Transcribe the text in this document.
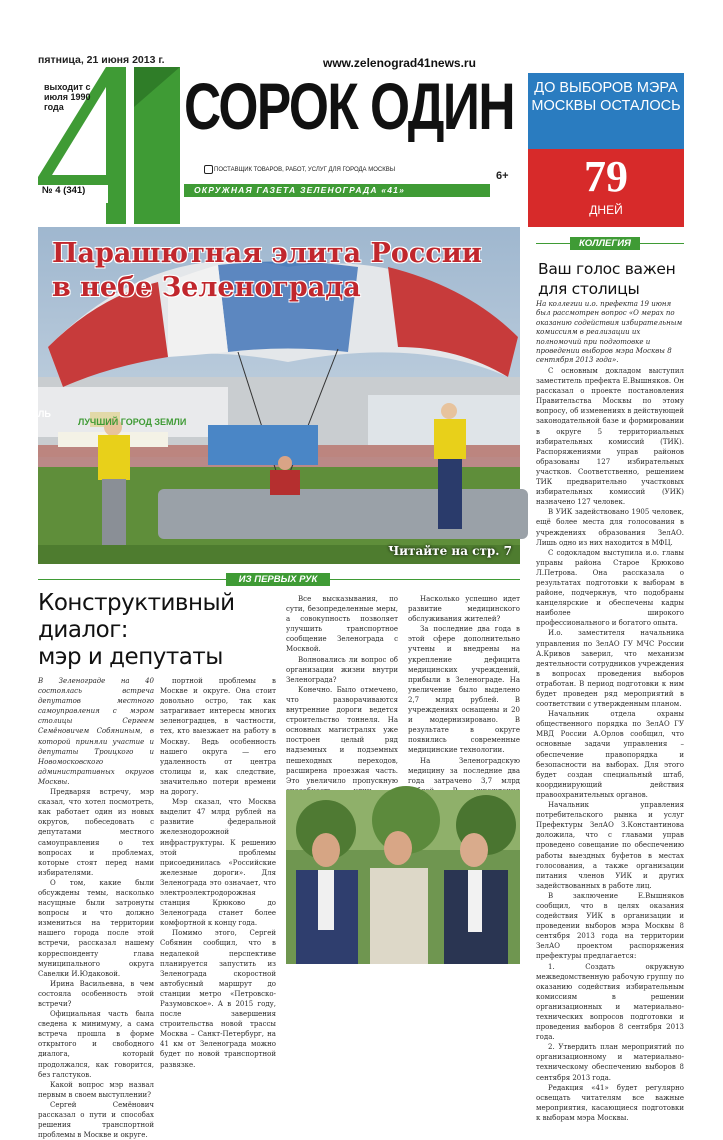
пятница, 21 июня 2013 г.	www.zelenograd41news.ru
выходит с июля 1990 года
№ 4 (341)
СОРОК ОДИН
ПОСТАВЩИК ТОВАРОВ, РАБОТ, УСЛУГ ДЛЯ ГОРОДА МОСКВЫ
ОКРУЖНАЯ ГАЗЕТА ЗЕЛЕНОГРАДА «41»
6+
ДО ВЫБОРОВ МЭРА МОСКВЫ ОСТАЛОСЬ
79
ДНЕЙ
ЛУЧШИЙ ГОРОД ЗЕМЛИ
ЛЬ
Парашютная элита России
в небе Зеленограда
Читайте на стр. 7
ИЗ ПЕРВЫХ РУК
Конструктивный
диалог:
мэр и депутаты

В Зеленограде на 40 состоялась встреча депутатов местного самоуправления с мэром столицы Сергеем Семёновичем Собяниным, в которой приняли участие и депутаты Троицкого и Новомосковского административных округов Москвы.

Предваряя встречу, мэр сказал, что хотел посмотреть, как работает один из новых округов, побеседовать с депутатами местного самоуправления о тех вопросах и проблемах, которые стоят перед нами избирателями.

О том, какие были обсуждены темы, насколько насущные были затронуты вопросы и что должно измениться на территории нашего города после этой встречи, рассказал нашему корреспонденту глава муниципального округа Савелки И.Юдаковой.

Ирина Васильевна, в чем состояла особенность этой встречи?

Официальная часть была сведена к минимуму, а сама встреча прошла в форме открытого и свободного диалога, который продолжался, как говорится, без галстуков.

Какой вопрос мэр назвал первым в своем выступлении?

Сергей Семёнович рассказал о пути и способах решения транспортной проблемы в Москве и округе.

портной проблемы в Москве и округе. Она стоит довольно остро, так как затрагивает интересы многих зеленоградцев, в частности, тех, кто выезжает на работу в Москву. Ведь особенность нашего округа — его удаленность от центра столицы и, как следствие, значительно потери времени на дорогу.

Мэр сказал, что Москва выделит 47 млрд рублей на развитие федеральной железнодорожной инфраструктуры. К решению этой проблемы присоединилась «Российские железные дороги». Для Зеленограда это означает, что электроэлектродорожная станция Крюково до Зеленограда станет более комфортной к концу года.

Помимо этого, Сергей Собянин сообщил, что в недалекой перспективе планируется запустить из Зеленограда скоростной автобусный маршрут до станции метро «Петровско-Разумовское». А в 2015 году, после завершения строительства новой трассы Москва – Санкт-Петербург, на 41 км от Зеленограда можно будет по новой транспортной развязке.

Все высказывания, по сути, безопределенные меры, а совокупность позволяет улучшить транспортное сообщение Зеленограда с Москвой.

Волновались ли вопрос об организации жизни внутри Зеленограда?

Конечно. Было отмечено, что разворачиваются внутренние дороги ведется строительство тоннеля. На основных магистралях уже построен целый ряд надземных и подземных пешеходных переходов, расширена проезжая часть. Это увеличило пропускную

Насколько успешно идет развитие медицинского обслуживания жителей?

За последние два года в этой сфере дополнительно учтены и внедрены на укрепление дефицита медицинских учреждений, прибыли в Зеленограде. На увеличение было выделено 2,7 млрд рублей. В учреждениях оснащены и 20 и модернизировано. В результате в округе появились современные медицинские технологии.

На Зеленоградскую медицину за последние два года затрачено 3,7 млрд

КОЛЛЕГИЯ
Ваш голос важен
для столицы
На коллегии и.о. префекта 19 июня был рассмотрен вопрос «О мерах по оказанию содействия избирательным комиссиям в реализации их полномочий при подготовке и проведении выборов мэра Москвы 8 сентября 2013 года».

С основным докладом выступил заместитель префекта Е.Вышняков. Он рассказал о проекте постановления Правительства Москвы по этому вопросу, об изменениях в действующей законодательной базе и формировании в округе 5 территориальных избирательных комиссий (ТИК). Распоряжениями управ районов образованы 127 избирательных участков. Соответственно, решением ТИК предварительно участковых избирательных комиссий (УИК) назначено 127 человек.

В УИК задействовано 1905 человек, ещё более места для голосования в учреждениях образования ЗелАО. Лишь одно из них находится в МФЦ.

С содокладом выступила и.о. главы управы района Старое Крюково Л.Петрова. Она рассказала о результатах подготовки к выборам в районе, подчеркнув, что подобраны канцелярские и обеспечены кадры наиболее широкого профессионального и богатого опыта.

И.о. заместителя начальника управления по ЗелАО ГУ МЧС России А.Кривов заверил, что механизм деятельности сотрудников учреждения в вопросах проведения выборов отработан. В период подготовки к ним будет проведен ряд мероприятий в соответствии с утвержденным планом.

Начальник отдела охраны общественного порядка по ЗелАО ГУ МВД России А.Орлов сообщил, что основные задачи управления – обеспечение правопорядка и безопасности на выборах. Для этого будет создан специальный штаб, координирующий действия правоохранительных органов.

Начальник управления потребительского рынка и услуг Префектуры ЗелАО З.Константинова доложила, что с главами управ проведено совещание по обеспечению работы выездных буфетов в местах голосования, а также организации питания членов УИК и других задействованных в работе лиц.

В заключение Е.Вышняков сообщил, что в целях оказания содействия УИК в организации и проведении выборов мэра Москвы 8 сентября 2013 года на территории ЗелАО проектом распоряжения префектуры предлагается:

1. Создать окружную межведомственную рабочую группу по оказанию содействия избирательным комиссиям в решении организационных и материально-технических вопросов подготовки и проведения выборов 8 сентября 2013 года.

2. Утвердить план мероприятий по организационному и материально-техническому обеспечению выборов 8 сентября 2013 года.

Редакция «41» будет регулярно освещать читателям все важные мероприятия, касающиеся подготовки к выборам мэра Москвы.
